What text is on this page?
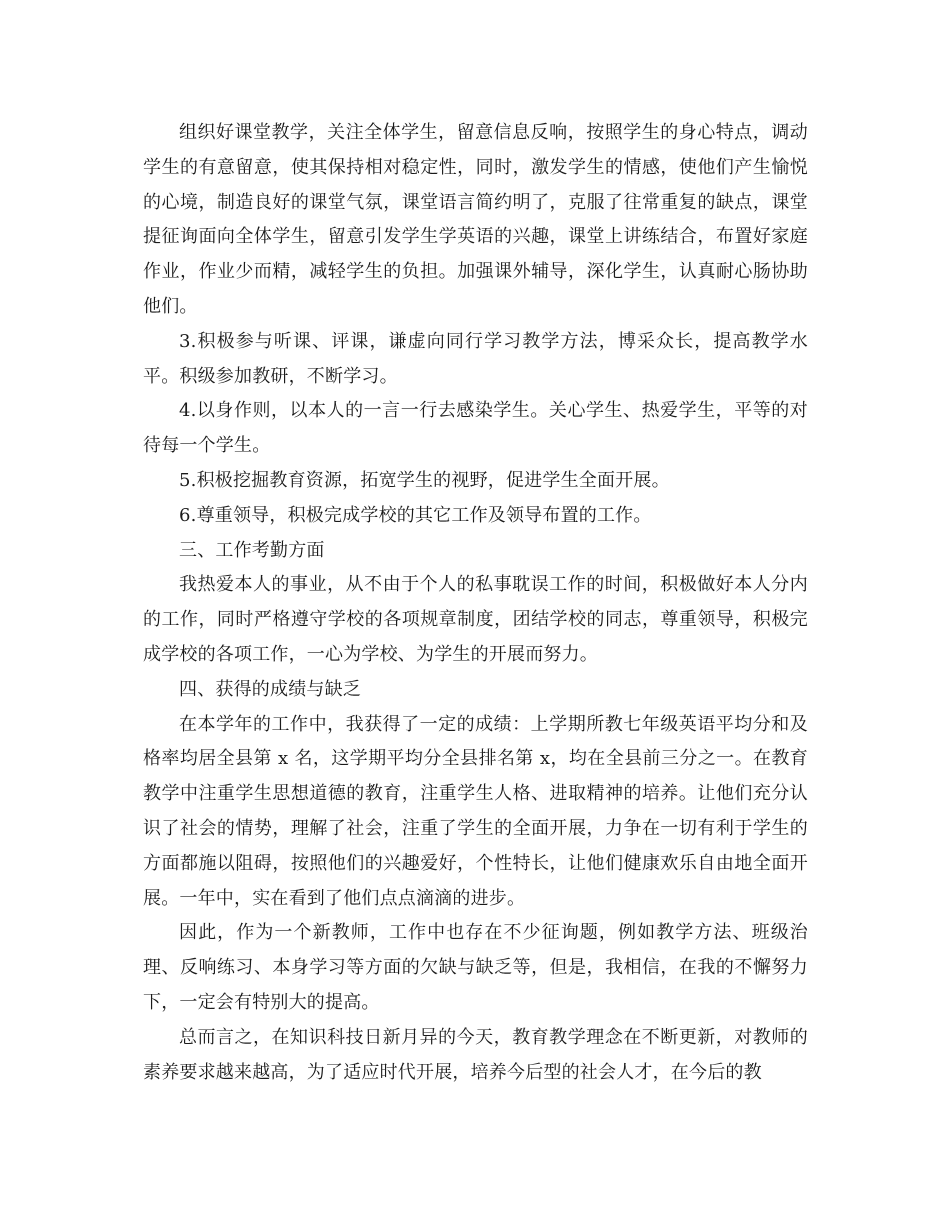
组织好课堂教学，关注全体学生，留意信息反响，按照学生的身心特点，调动学生的有意留意，使其保持相对稳定性，同时，激发学生的情感，使他们产生愉悦的心境，制造良好的课堂气氛，课堂语言简约明了，克服了往常重复的缺点，课堂提征询面向全体学生，留意引发学生学英语的兴趣，课堂上讲练结合，布置好家庭作业，作业少而精，减轻学生的负担。加强课外辅导，深化学生，认真耐心肠协助他们。

3.积极参与听课、评课，谦虚向同行学习教学方法，博采众长，提高教学水平。积级参加教研，不断学习。

4.以身作则，以本人的一言一行去感染学生。关心学生、热爱学生，平等的对待每一个学生。

5.积极挖掘教育资源，拓宽学生的视野，促进学生全面开展。

6.尊重领导，积极完成学校的其它工作及领导布置的工作。

三、工作考勤方面

我热爱本人的事业，从不由于个人的私事耽误工作的时间，积极做好本人分内的工作，同时严格遵守学校的各项规章制度，团结学校的同志，尊重领导，积极完成学校的各项工作，一心为学校、为学生的开展而努力。

四、获得的成绩与缺乏

在本学年的工作中，我获得了一定的成绩：上学期所教七年级英语平均分和及格率均居全县第 x 名，这学期平均分全县排名第 x，均在全县前三分之一。在教育教学中注重学生思想道德的教育，注重学生人格、进取精神的培养。让他们充分认识了社会的情势，理解了社会，注重了学生的全面开展，力争在一切有利于学生的方面都施以阻碍，按照他们的兴趣爱好，个性特长，让他们健康欢乐自由地全面开展。一年中，实在看到了他们点点滴滴的进步。

因此，作为一个新教师，工作中也存在不少征询题，例如教学方法、班级治理、反响练习、本身学习等方面的欠缺与缺乏等，但是，我相信，在我的不懈努力下，一定会有特别大的提高。

总而言之，在知识科技日新月异的今天，教育教学理念在不断更新，对教师的素养要求越来越高，为了适应时代开展，培养今后型的社会人才，在今后的教
